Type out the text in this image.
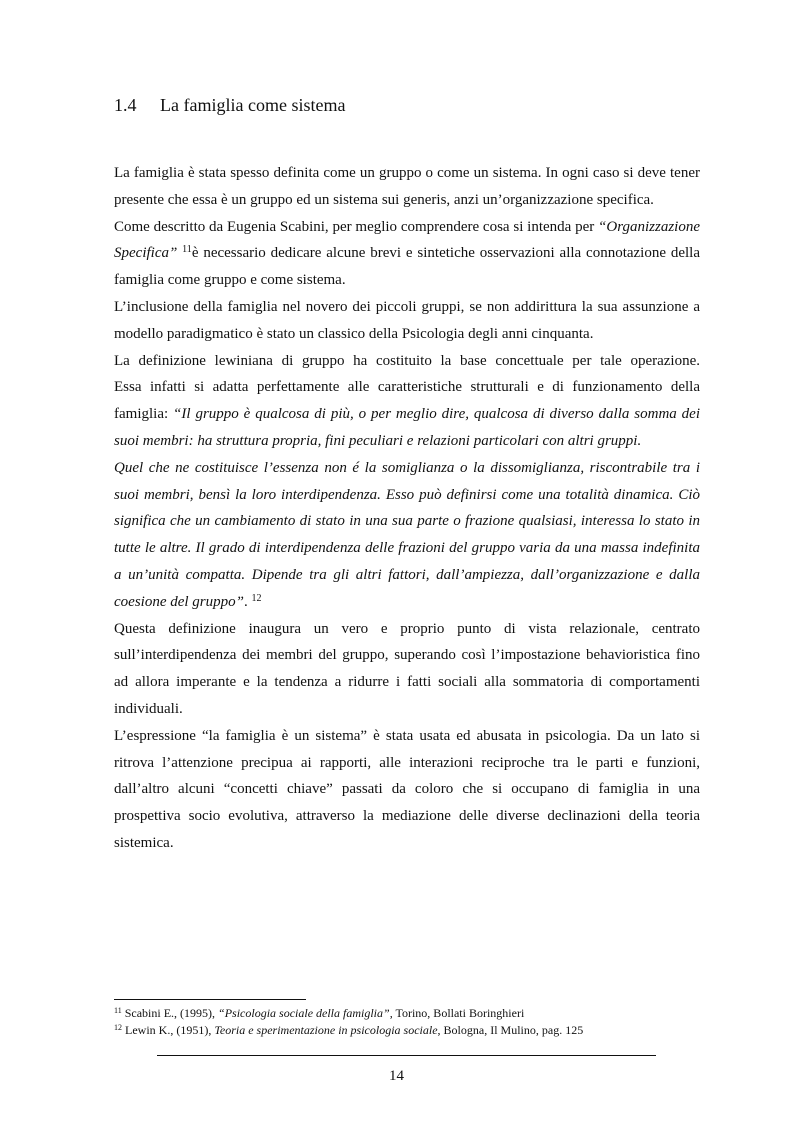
1.4 La famiglia come sistema

La famiglia è stata spesso definita come un gruppo o come un sistema. In ogni caso si deve tener presente che essa è un gruppo ed un sistema sui generis, anzi un’organizzazione specifica.

Come descritto da Eugenia Scabini, per meglio comprendere cosa si intenda per “Organizzazione Specifica” $^{11}$è necessario dedicare alcune brevi e sintetiche osservazioni alla connotazione della famiglia come gruppo e come sistema.

L’inclusione della famiglia nel novero dei piccoli gruppi, se non addirittura la sua assunzione a modello paradigmatico è stato un classico della Psicologia degli anni cinquanta.

La definizione lewiniana di gruppo ha costituito la base concettuale per tale operazione.

Essa infatti si adatta perfettamente alle caratteristiche strutturali e di funzionamento della famiglia: “Il gruppo è qualcosa di più, o per meglio dire, qualcosa di diverso dalla somma dei suoi membri: ha struttura propria, fini peculiari e relazioni particolari con altri gruppi.

Quel che ne costituisce l’essenza non é la somiglianza o la dissomiglianza, riscontrabile tra i suoi membri, bensì la loro interdipendenza. Esso può definirsi come una totalità dinamica. Ciò significa che un cambiamento di stato in una sua parte o frazione qualsiasi, interessa lo stato in tutte le altre. Il grado di interdipendenza delle frazioni del gruppo varia da una massa indefinita a un’unità compatta. Dipende tra gli altri fattori, dall’ampiezza, dall’organizzazione e dalla coesione del gruppo”. $^{12}$

Questa definizione inaugura un vero e proprio punto di vista relazionale, centrato sull’interdipendenza dei membri del gruppo, superando così l’impostazione behavioristica fino ad allora imperante e la tendenza a ridurre i fatti sociali alla sommatoria di comportamenti individuali.

L’espressione “la famiglia è un sistema” è stata usata ed abusata in psicologia. Da un lato si ritrova l’attenzione precipua ai rapporti, alle interazioni reciproche tra le parti e funzioni, dall’altro alcuni “concetti chiave” passati da coloro che si occupano di famiglia in una prospettiva socio evolutiva, attraverso la mediazione delle diverse declinazioni della teoria sistemica.

$^{11}$ Scabini E., (1995), “Psicologia sociale della famiglia”, Torino, Bollati Boringhieri
$^{12}$ Lewin K., (1951), Teoria e sperimentazione in psicologia sociale, Bologna, Il Mulino, pag. 125
14
